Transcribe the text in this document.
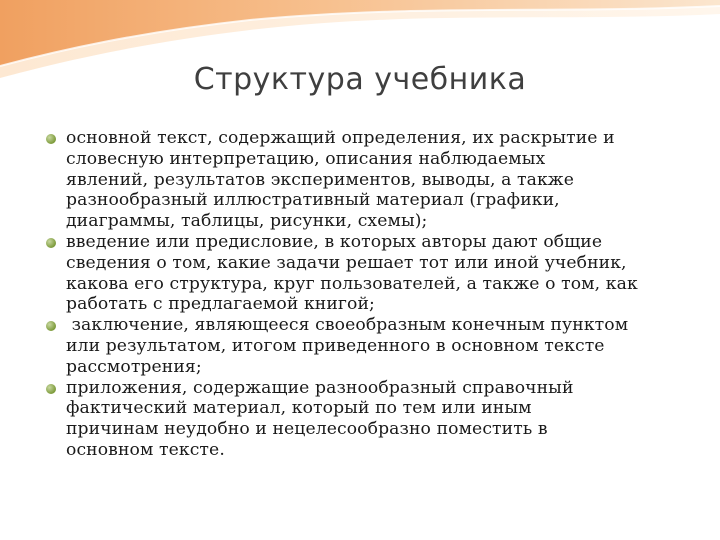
Структура учебника
основной текст, содержащий определения, их раскрытие и
словесную интерпретацию, описания наблюдаемых
явлений, результатов экспериментов, выводы, а также
разнообразный иллюстративный материал (графики,
диаграммы, таблицы, рисунки, схемы);
введение или предисловие, в которых авторы дают общие
сведения о том, какие задачи решает тот или иной учебник,
какова его структура, круг пользователей, а также о том, как
работать с предлагаемой книгой;
заключение, являющееся своеобразным конечным пунктом
или результатом, итогом приведенного в основном тексте
рассмотрения;
приложения, содержащие разнообразный справочный
фактический материал, который по тем или иным
причинам неудобно и нецелесообразно поместить в
основном тексте.
